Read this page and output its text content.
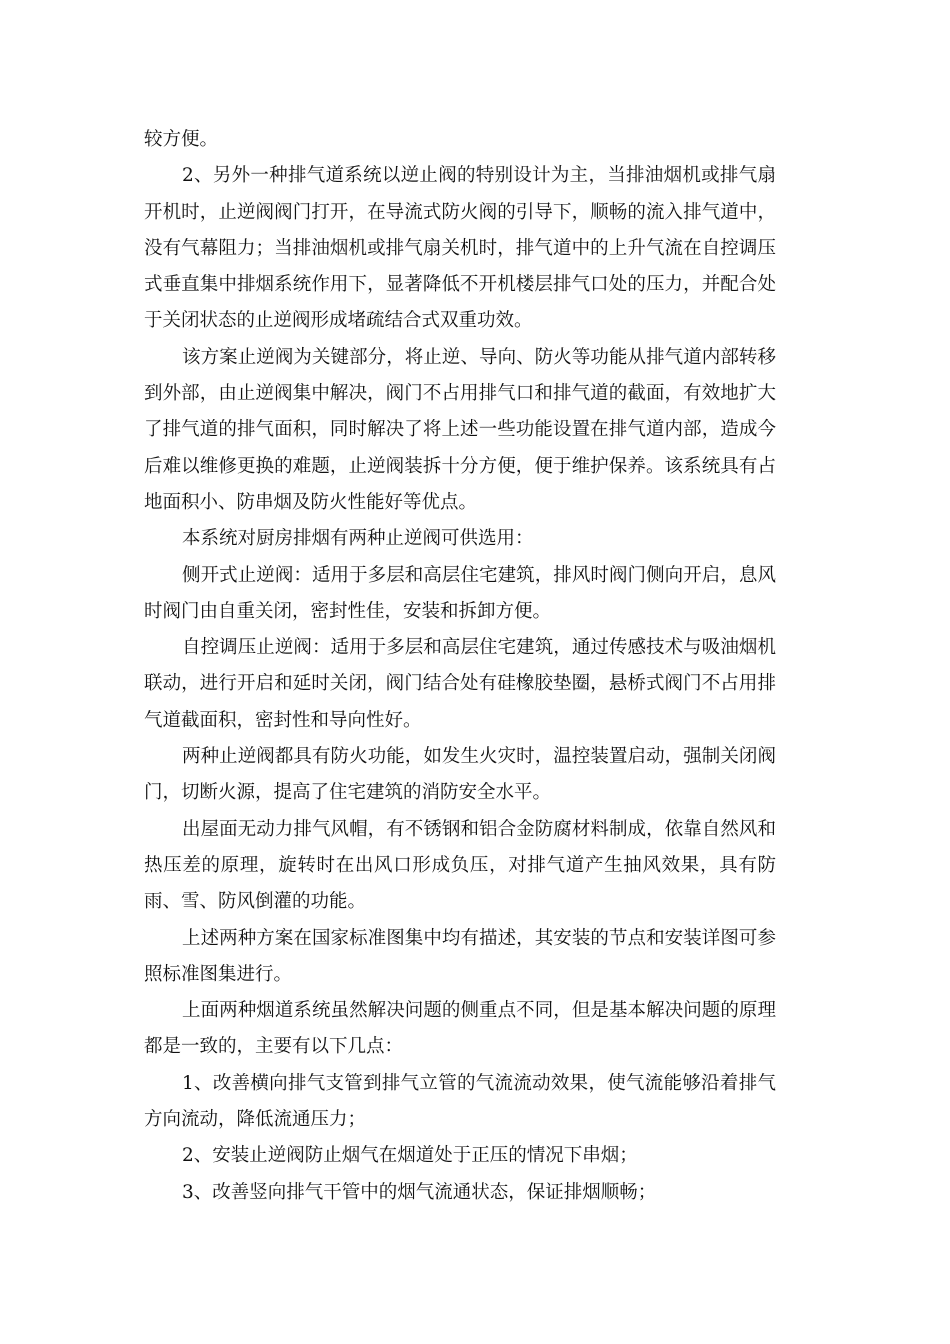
较方便。

2、另外一种排气道系统以逆止阀的特别设计为主，当排油烟机或排气扇开机时，止逆阀阀门打开，在导流式防火阀的引导下，顺畅的流入排气道中，没有气幕阻力；当排油烟机或排气扇关机时，排气道中的上升气流在自控调压式垂直集中排烟系统作用下，显著降低不开机楼层排气口处的压力，并配合处于关闭状态的止逆阀形成堵疏结合式双重功效。

该方案止逆阀为关键部分，将止逆、导向、防火等功能从排气道内部转移到外部，由止逆阀集中解决，阀门不占用排气口和排气道的截面，有效地扩大了排气道的排气面积，同时解决了将上述一些功能设置在排气道内部，造成今后难以维修更换的难题，止逆阀装拆十分方便，便于维护保养。该系统具有占地面积小、防串烟及防火性能好等优点。

本系统对厨房排烟有两种止逆阀可供选用：

侧开式止逆阀：适用于多层和高层住宅建筑，排风时阀门侧向开启，息风时阀门由自重关闭，密封性佳，安装和拆卸方便。

自控调压止逆阀：适用于多层和高层住宅建筑，通过传感技术与吸油烟机联动，进行开启和延时关闭，阀门结合处有硅橡胶垫圈，悬桥式阀门不占用排气道截面积，密封性和导向性好。

两种止逆阀都具有防火功能，如发生火灾时，温控装置启动，强制关闭阀门，切断火源，提高了住宅建筑的消防安全水平。

出屋面无动力排气风帽，有不锈钢和铝合金防腐材料制成，依靠自然风和热压差的原理，旋转时在出风口形成负压，对排气道产生抽风效果，具有防雨、雪、防风倒灌的功能。

上述两种方案在国家标准图集中均有描述，其安装的节点和安装详图可参照标准图集进行。

上面两种烟道系统虽然解决问题的侧重点不同，但是基本解决问题的原理都是一致的，主要有以下几点：

1、改善横向排气支管到排气立管的气流流动效果，使气流能够沿着排气方向流动，降低流通压力；

2、安装止逆阀防止烟气在烟道处于正压的情况下串烟；

3、改善竖向排气干管中的烟气流通状态，保证排烟顺畅；
